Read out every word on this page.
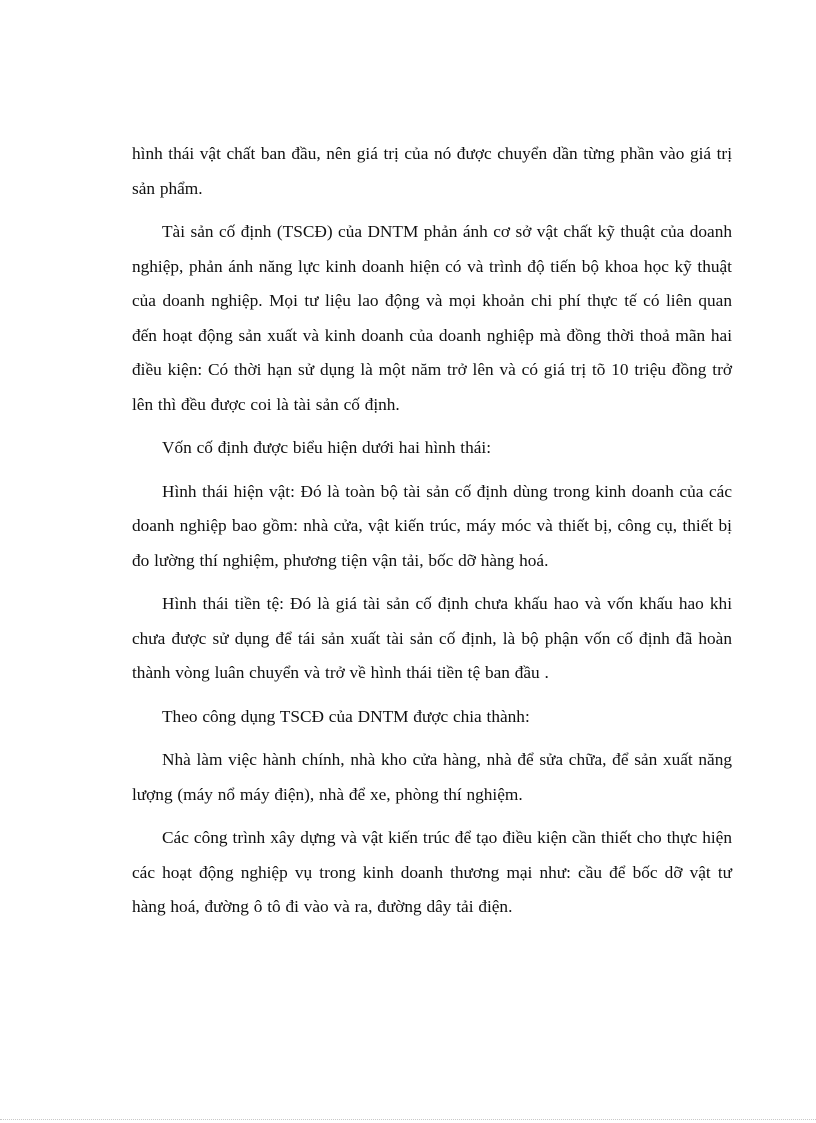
hình thái vật chất ban đầu, nên giá trị của nó được chuyển dần từng phần vào giá trị sản phẩm.

Tài sản cố định (TSCĐ) của DNTM phản ánh cơ sở vật chất kỹ thuật của doanh nghiệp, phản ánh năng lực kinh doanh hiện có và trình độ tiến bộ khoa học kỹ thuật của doanh nghiệp. Mọi tư liệu lao động và mọi khoản chi phí thực tế có liên quan đến hoạt động sản xuất và kinh doanh của doanh nghiệp mà đồng thời thoả mãn hai điều kiện: Có thời hạn sử dụng là một năm trở lên và có giá trị tõ 10 triệu đồng trở lên thì đều được coi là tài sản cố định.

Vốn cố định được biểu hiện dưới hai hình thái:

Hình thái hiện vật: Đó là toàn bộ tài sản cố định dùng trong kinh doanh của các doanh nghiệp bao gồm: nhà cửa, vật kiến trúc, máy móc và thiết bị, công cụ, thiết bị đo lường thí nghiệm, phương tiện vận tải, bốc dỡ hàng hoá.

Hình thái tiền tệ: Đó là giá tài sản cố định chưa khấu hao và vốn khấu hao khi chưa được sử dụng để tái sản xuất tài sản cố định, là bộ phận vốn cố định đã hoàn thành vòng luân chuyển và trở về hình thái tiền tệ ban đầu .

Theo công dụng TSCĐ của DNTM được chia thành:

Nhà làm việc hành chính, nhà kho cửa hàng, nhà để sửa chữa, để sản xuất năng lượng (máy nổ máy điện), nhà để xe, phòng thí nghiệm.

Các công trình xây dựng và vật kiến trúc để tạo điều kiện cần thiết cho thực hiện các hoạt động nghiệp vụ trong kinh doanh thương mại như: cầu để bốc dỡ vật tư hàng hoá, đường ô tô đi vào và ra, đường dây tải điện.
